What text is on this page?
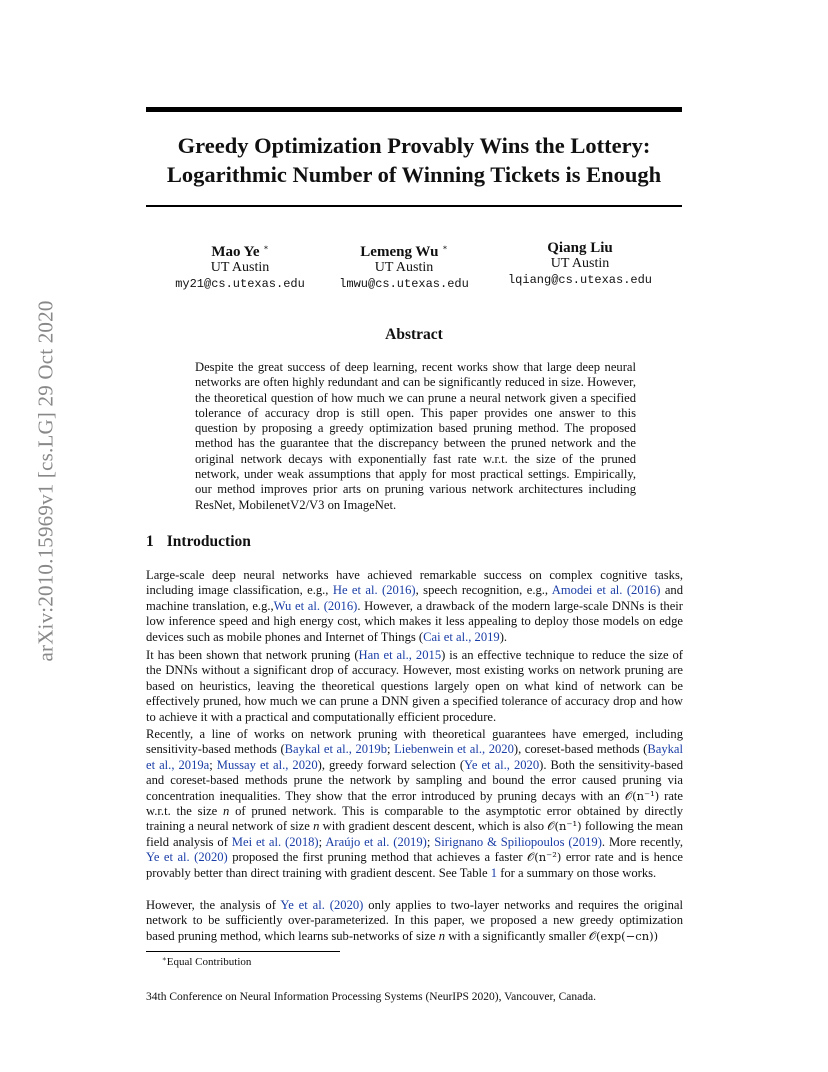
arXiv:2010.15969v1 [cs.LG] 29 Oct 2020
Greedy Optimization Provably Wins the Lottery:
Logarithmic Number of Winning Tickets is Enough
Mao Ye ∗
UT Austin
my21@cs.utexas.edu
Lemeng Wu ∗
UT Austin
lmwu@cs.utexas.edu
Qiang Liu
UT Austin
lqiang@cs.utexas.edu
Abstract
Despite the great success of deep learning, recent works show that large deep neural networks are often highly redundant and can be significantly reduced in size. However, the theoretical question of how much we can prune a neural network given a specified tolerance of accuracy drop is still open. This paper provides one answer to this question by proposing a greedy optimization based pruning method. The proposed method has the guarantee that the discrepancy between the pruned network and the original network decays with exponentially fast rate w.r.t. the size of the pruned network, under weak assumptions that apply for most practical settings. Empirically, our method improves prior arts on pruning various network architectures including ResNet, MobilenetV2/V3 on ImageNet.
1 Introduction
Large-scale deep neural networks have achieved remarkable success on complex cognitive tasks, including image classification, e.g., He et al. (2016), speech recognition, e.g., Amodei et al. (2016) and machine translation, e.g.,Wu et al. (2016). However, a drawback of the modern large-scale DNNs is their low inference speed and high energy cost, which makes it less appealing to deploy those models on edge devices such as mobile phones and Internet of Things (Cai et al., 2019).
It has been shown that network pruning (Han et al., 2015) is an effective technique to reduce the size of the DNNs without a significant drop of accuracy. However, most existing works on network pruning are based on heuristics, leaving the theoretical questions largely open on what kind of network can be effectively pruned, how much we can prune a DNN given a specified tolerance of accuracy drop and how to achieve it with a practical and computationally efficient procedure.
Recently, a line of works on network pruning with theoretical guarantees have emerged, including sensitivity-based methods (Baykal et al., 2019b; Liebenwein et al., 2020), coreset-based methods (Baykal et al., 2019a; Mussay et al., 2020), greedy forward selection (Ye et al., 2020). Both the sensitivity-based and coreset-based methods prune the network by sampling and bound the error caused pruning via concentration inequalities. They show that the error introduced by pruning decays with an 𝒪(n⁻¹) rate w.r.t. the size n of pruned network. This is comparable to the asymptotic error obtained by directly training a neural network of size n with gradient descent descent, which is also 𝒪(n⁻¹) following the mean field analysis of Mei et al. (2018); Araújo et al. (2019); Sirignano & Spiliopoulos (2019). More recently, Ye et al. (2020) proposed the first pruning method that achieves a faster 𝒪(n⁻²) error rate and is hence provably better than direct training with gradient descent. See Table 1 for a summary on those works.
However, the analysis of Ye et al. (2020) only applies to two-layer networks and requires the original network to be sufficiently over-parameterized. In this paper, we proposed a new greedy optimization based pruning method, which learns sub-networks of size n with a significantly smaller 𝒪(exp(−cn))
∗Equal Contribution
34th Conference on Neural Information Processing Systems (NeurIPS 2020), Vancouver, Canada.
